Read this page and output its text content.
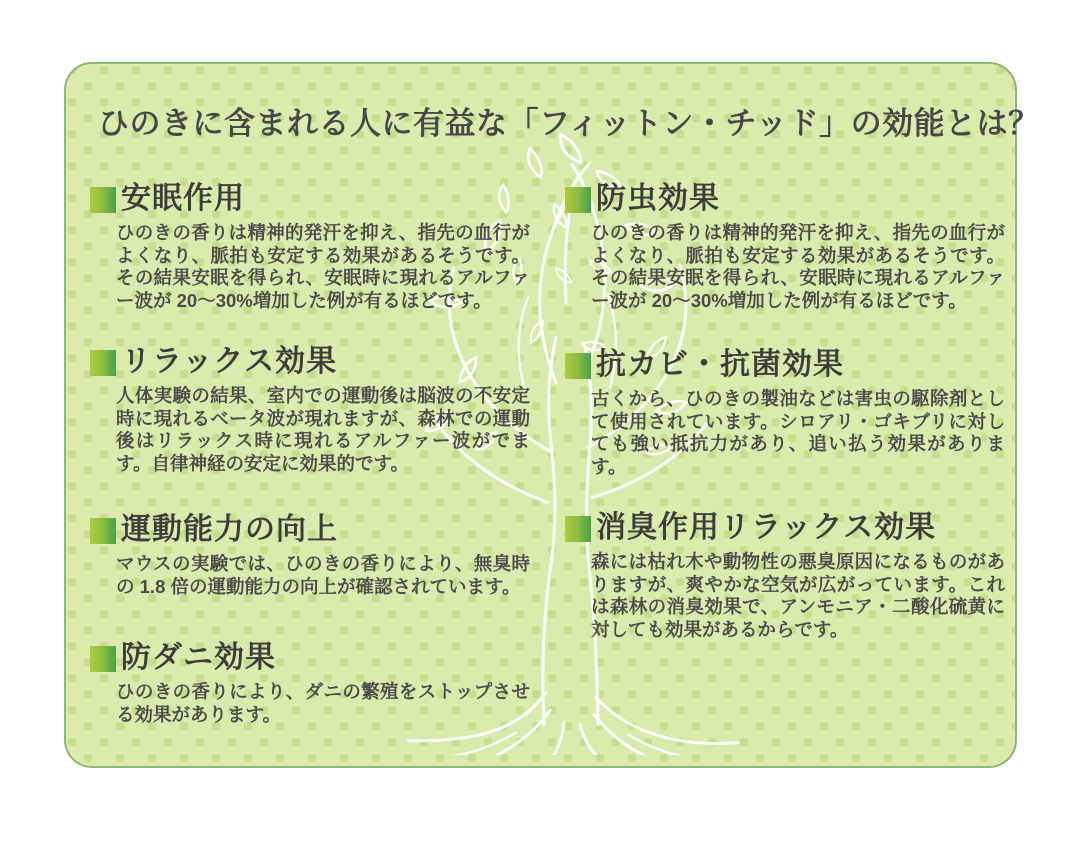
ひのきに含まれる人に有益な「フィットン・チッド」の効能とは？
安眠作用

ひのきの香りは精神的発汗を抑え、指先の血行がよくなり、脈拍も安定する効果があるそうです。その結果安眠を得られ、安眠時に現れるアルファー波が 20〜30%増加した例が有るほどです。

リラックス効果

人体実験の結果、室内での運動後は脳波の不安定時に現れるベータ波が現れますが、森林での運動後はリラックス時に現れるアルファー波がでます。自律神経の安定に効果的です。

運動能力の向上

マウスの実験では、ひのきの香りにより、無臭時の 1.8 倍の運動能力の向上が確認されています。

防ダニ効果

ひのきの香りにより、ダニの繁殖をストップさせる効果があります。

防虫効果

ひのきの香りは精神的発汗を抑え、指先の血行がよくなり、脈拍も安定する効果があるそうです。その結果安眠を得られ、安眠時に現れるアルファー波が 20〜30%増加した例が有るほどです。

抗カビ・抗菌効果

古くから、ひのきの製油などは害虫の駆除剤として使用されています。シロアリ・ゴキブリに対しても強い抵抗力があり、追い払う効果があります。

消臭作用リラックス効果

森には枯れ木や動物性の悪臭原因になるものがありますが、爽やかな空気が広がっています。これは森林の消臭効果で、アンモニア・二酸化硫黄に対しても効果があるからです。
